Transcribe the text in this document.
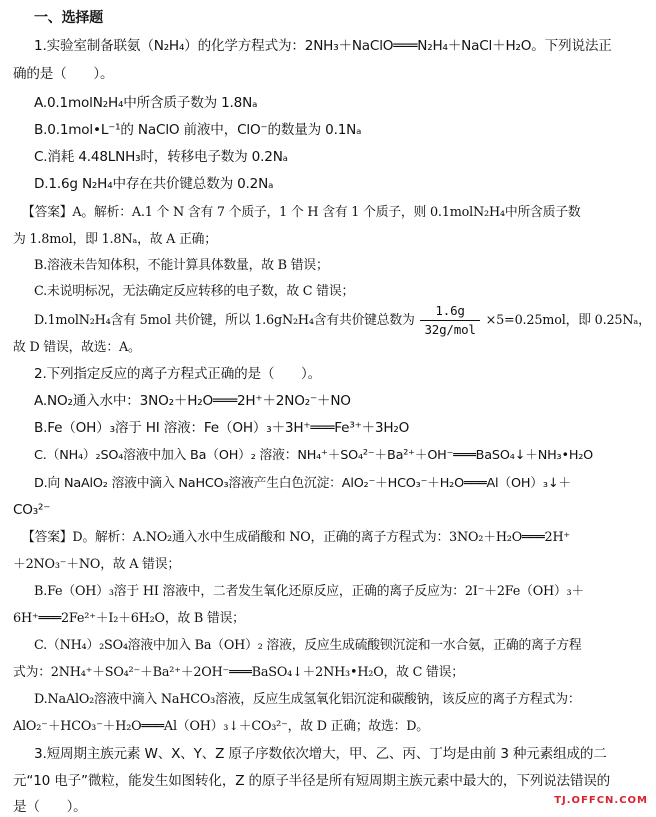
一、选择题
1.实验室制备联氨（N₂H₄）的化学方程式为：2NH₃＋NaClO═══N₂H₄＋NaCl＋H₂O。下列说法正
确的是（　　）。
A.0.1molN₂H₄中所含质子数为 1.8Nₐ
B.0.1mol•L⁻¹的 NaClO 前液中，ClO⁻的数量为 0.1Nₐ
C.消耗 4.48LNH₃时，转移电子数为 0.2Nₐ
D.1.6g N₂H₄中存在共价键总数为 0.2Nₐ
【答案】A。解析：A.1 个 N 含有 7 个质子，1 个 H 含有 1 个质子，则 0.1molN₂H₄中所含质子数
为 1.8mol，即 1.8Nₐ，故 A 正确；
B.溶液未告知体积，不能计算具体数量，故 B 错误；
C.未说明标况，无法确定反应转移的电子数，故 C 错误；
D.1molN₂H₄含有 5mol 共价键，所以 1.6gN₂H₄含有共价键总数为 $\frac{1.6g}{\text{32g/mol}} \times 5=0.25mol$，即 0.25Nₐ，
故 D 错误，故选：A。
2.下列指定反应的离子方程式正确的是（　　）。
A.NO₂通入水中：3NO₂＋H₂O═══2H⁺＋2NO₂⁻＋NO
B.Fe（OH）₃溶于 HI 溶液：Fe（OH）₃＋3H⁺═══Fe³⁺＋3H₂O
C.（NH₄）₂SO₄溶液中加入 Ba（OH）₂ 溶液：NH₄⁺＋SO₄²⁻＋Ba²⁺＋OH⁻═══BaSO₄↓＋NH₃•H₂O
D.向 NaAlO₂ 溶液中滴入 NaHCO₃溶液产生白色沉淀：AlO₂⁻＋HCO₃⁻＋H₂O═══Al（OH）₃↓＋
CO₃²⁻
【答案】D。解析：A.NO₂通入水中生成硝酸和 NO，正确的离子方程式为：3NO₂＋H₂O═══2H⁺
＋2NO₃⁻＋NO，故 A 错误；
B.Fe（OH）₃溶于 HI 溶液中，二者发生氧化还原反应，正确的离子反应为：2I⁻＋2Fe（OH）₃＋
6H⁺═══2Fe²⁺＋I₂＋6H₂O，故 B 错误；
C.（NH₄）₂SO₄溶液中加入 Ba（OH）₂ 溶液，反应生成硫酸钡沉淀和一水合氨，正确的离子方程
式为：2NH₄⁺＋SO₄²⁻＋Ba²⁺＋2OH⁻═══BaSO₄↓＋2NH₃•H₂O，故 C 错误；
D.NaAlO₂溶液中滴入 NaHCO₃溶液，反应生成氢氧化铝沉淀和碳酸钠，该反应的离子方程式为：
AlO₂⁻＋HCO₃⁻＋H₂O═══Al（OH）₃↓＋CO₃²⁻，故 D 正确；故选：D。
3.短周期主族元素 W、X、Y、Z 原子序数依次增大，甲、乙、丙、丁均是由前 3 种元素组成的二
元“10 电子”微粒，能发生如图转化，Z 的原子半径是所有短周期主族元素中最大的，下列说法错误的
是（　　）。	TJ.OFFCN.COM
